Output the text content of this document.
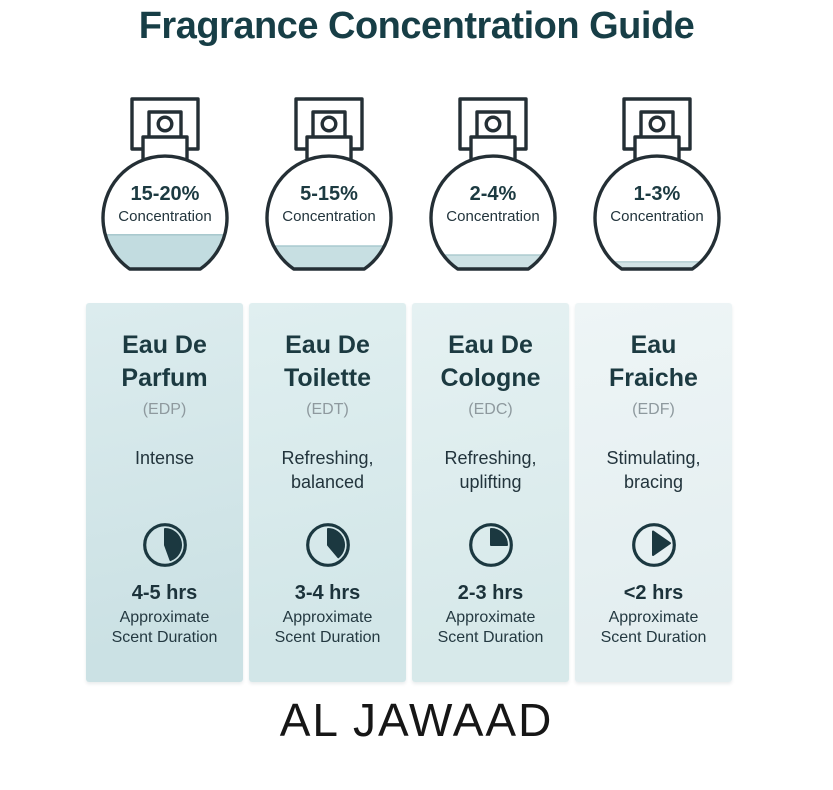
Fragrance Concentration Guide
15-20%
Concentration
5-15%
Concentration
2-4%
Concentration
1-3%
Concentration
Eau De
Parfum
(EDP)
Intense
4-5 hrs
Approximate Scent Duration
Eau De
Toilette
(EDT)
Refreshing, balanced
3-4 hrs
Approximate Scent Duration
Eau De
Cologne
(EDC)
Refreshing, uplifting
2-3 hrs
Approximate Scent Duration
Eau
Fraiche
(EDF)
Stimulating, bracing
<2 hrs
Approximate Scent Duration
AL JAWAAD
